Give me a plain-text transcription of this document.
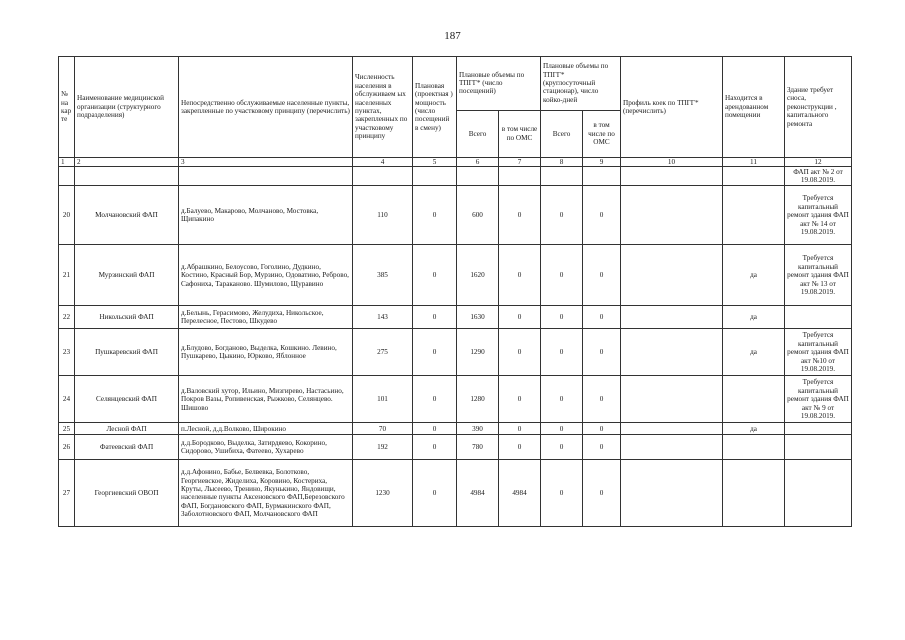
187
№ на кар те	Наименование медицинской организации (структурного подразделения)	Непосредственно обслуживаемые населенные пункты, закрепленные по участковому принципу (перечислить)	Численность населения в обслуживаем ых населенных пунктах, закрепленных по участковому принципу	Плановая (проектная ) мощность (число посещений в смену)	Плановые объемы по ТПГГ* (число посещений)		Плановые объемы по ТПГГ* (круглосуточный стационар), число койко-дней		Профиль коек по ТПГГ* (перечислить)	Находится в арендованном помещении	Здание требует сноса, реконструкции , капитального ремонта
					Всего	в том числе по ОМС	Всего	в том числе по ОМС			
1	2	3	4	5	6	7	8	9	10	11	12
											ФАП акт № 2 от 19.08.2019.
20	Молчановский ФАП	д.Балуево, Макарово, Молчаново, Мостовка, Щипакино	110	0	600	0	0	0			Требуется капитальный ремонт здания ФАП акт № 14 от 19.08.2019.
21	Мурзинский ФАП	д.Абрашкино, Белоусово, Гоголино, Дудкино, Костино, Красный Бор, Мурзино, Одоватино, Реброво, Сафониха, Тараканово. Шумилово, Щуравино	385	0	1620	0	0	0		да	Требуется капитальный ремонт здания ФАП акт № 13 от 19.08.2019.
22	Никольский ФАП	д.Белынь, Герасимово, Желудиха, Никольское, Перелесное, Пестово, Шкудево	143	0	1630	0	0	0		да	
23	Пушкаревский ФАП	д.Блудово, Богданово, Выделка, Кошкино. Левино, Пушкарево, Цыкино, Юрково, Яблонное	275	0	1290	0	0	0		да	Требуется капитальный ремонт здания ФАП акт №10 от 19.08.2019.
24	Селянцевский ФАП	д.Валовский хутор, Ильино, Мизгирево, Настасьино, Покров Вазы, Ропивенская, Рыжково, Селянцево. Шишово	101	0	1280	0	0	0			Требуется капитальный ремонт здания ФАП акт № 9 от 19.08.2019.
25	Лесной ФАП	п.Лесной, д.д.Волково, Широкино	70	0	390	0	0	0		да	
26	Фатеевский ФАП	д.д.Бородково, Выделка, Затирдяево, Кокорино, Сидорово, Ушибиха, Фатеево, Хухарево	192	0	780	0	0	0			
27	Георгиевский ОВОП	д.д.Афонино, Бабье, Белвевка, Болотково, Георгиевское, Жиделиха, Коровино, Костериха, Круты, Лысеево, Тренино, Якунькино, Яндовищи, населенные пункты Аксеновского ФАП,Березовского ФАП, Богдановского ФАП, Бурмакинского ФАП, Заболотновского ФАП, Молчановского ФАП	1230	0	4984	4984	0	0			
